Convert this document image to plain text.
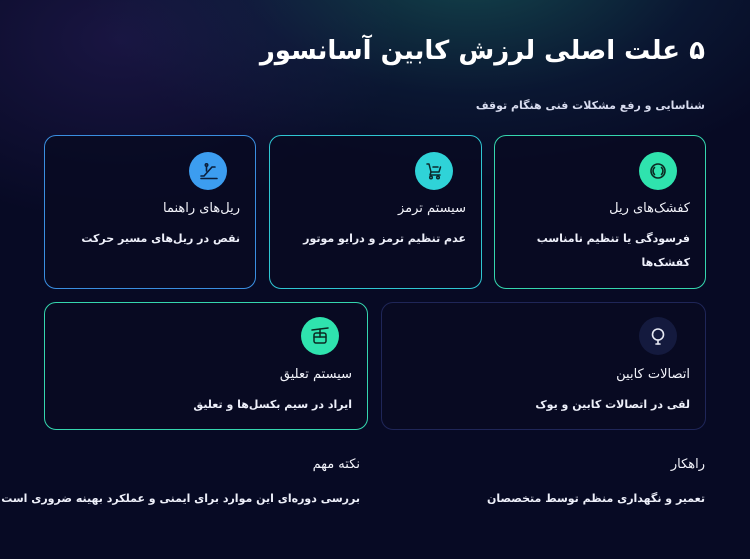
۵ علت اصلی لرزش کابین آسانسور
شناسایی و رفع مشکلات فنی هنگام توقف
کفشک‌های ریل
فرسودگی یا تنظیم نامناسب کفشک‌ها
سیستم ترمز
عدم تنظیم ترمز و درایو موتور
ریل‌های راهنما
نقص در ریل‌های مسیر حرکت
اتصالات کابین
لقی در اتصالات کابین و یوک
سیستم تعلیق
ایراد در سیم بکسل‌ها و تعلیق
راهکار
تعمیر و نگهداری منظم توسط متخصصان
نکته مهم
بررسی دوره‌ای این موارد برای ایمنی و عملکرد بهینه ضروری است
